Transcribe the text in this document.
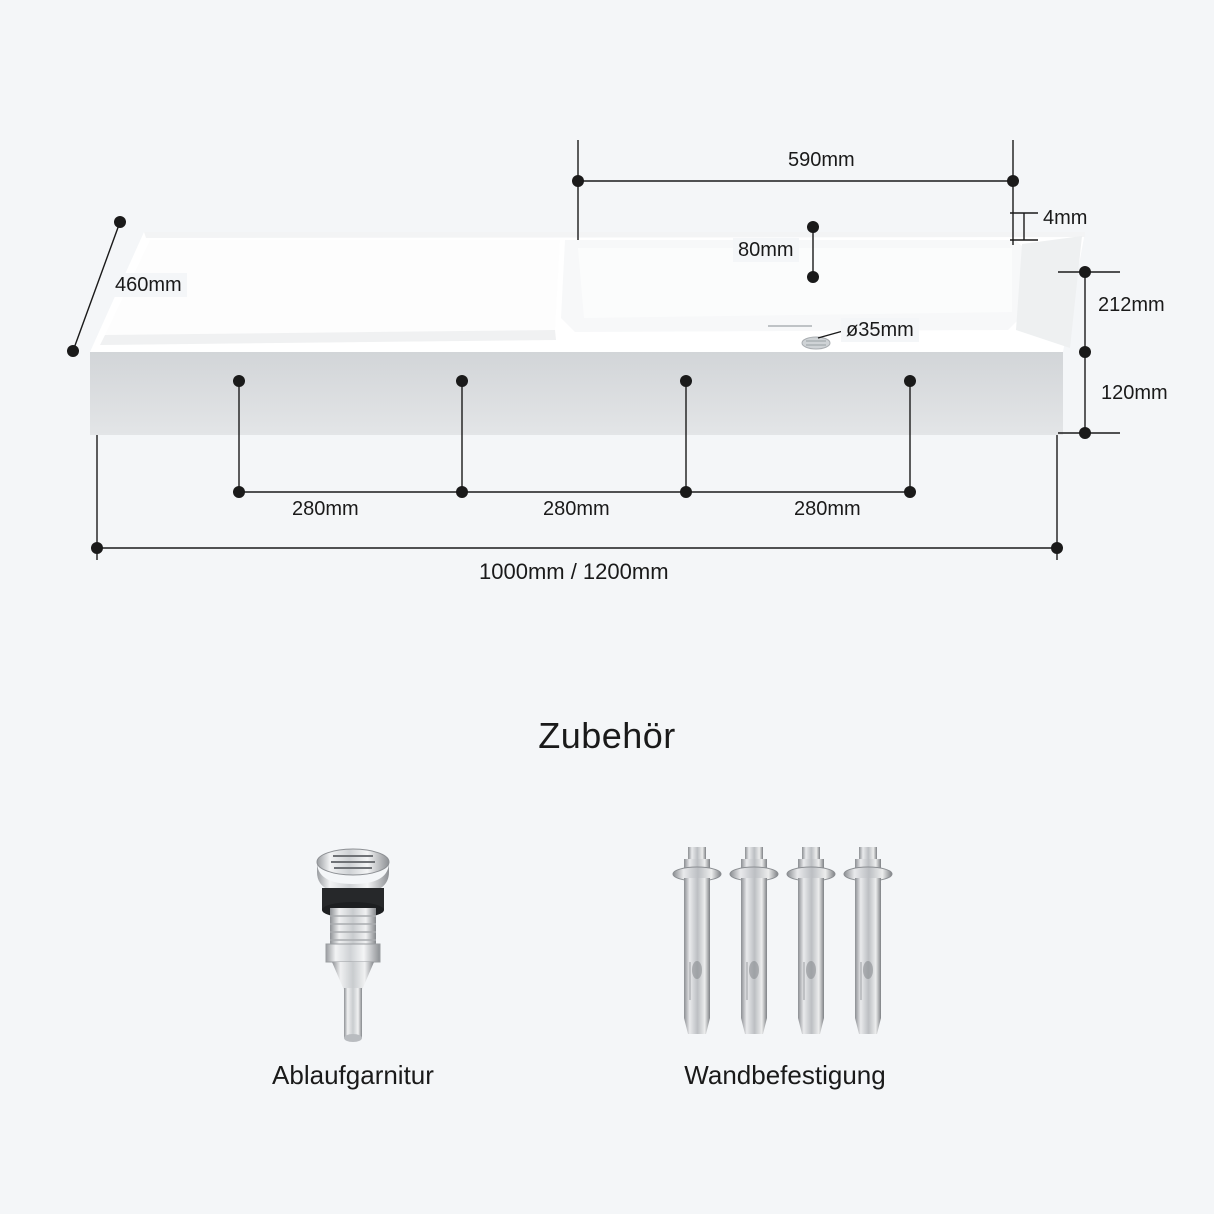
590mm
4mm
80mm
460mm
212mm
120mm
ø35mm
280mm	280mm	280mm
1000mm / 1200mm
Zubehör
Ablaufgarnitur	Wandbefestigung
